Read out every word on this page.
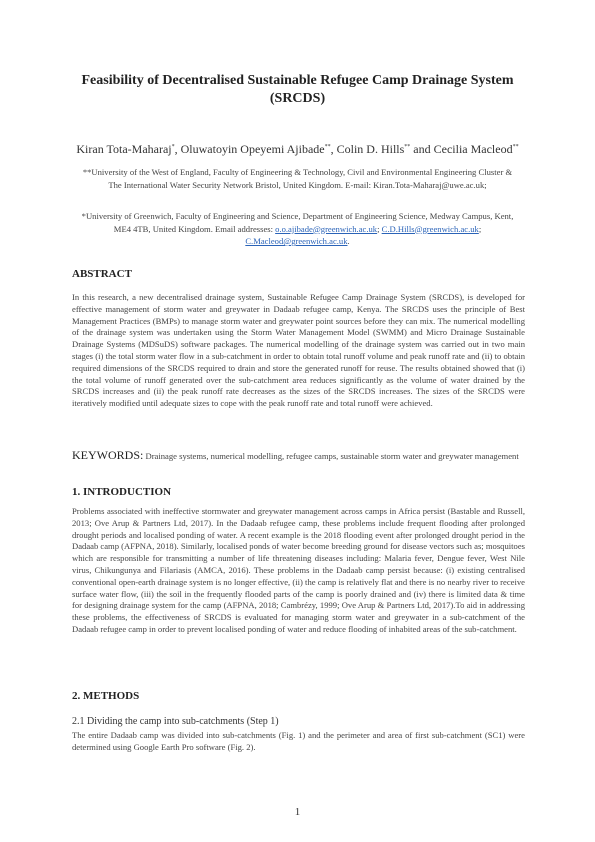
Feasibility of Decentralised Sustainable Refugee Camp Drainage System (SRCDS)
Kiran Tota-Maharaj*, Oluwatoyin Opeyemi Ajibade**, Colin D. Hills** and Cecilia Macleod**
**University of the West of England, Faculty of Engineering & Technology, Civil and Environmental Engineering Cluster & The International Water Security Network Bristol, United Kingdom. E-mail: Kiran.Tota-Maharaj@uwe.ac.uk;
*University of Greenwich, Faculty of Engineering and Science, Department of Engineering Science, Medway Campus, Kent, ME4 4TB, United Kingdom. Email addresses: o.o.ajibade@greenwich.ac.uk; C.D.Hills@greenwich.ac.uk; C.Macleod@greenwich.ac.uk.
ABSTRACT
In this research, a new decentralised drainage system, Sustainable Refugee Camp Drainage System (SRCDS), is developed for effective management of storm water and greywater in Dadaab refugee camp, Kenya. The SRCDS uses the principle of Best Management Practices (BMPs) to manage storm water and greywater point sources before they can mix. The numerical modelling of the drainage system was undertaken using the Storm Water Management Model (SWMM) and Micro Drainage Sustainable Drainage Systems (MDSuDS) software packages. The numerical modelling of the drainage system was carried out in two main stages (i) the total storm water flow in a sub-catchment in order to obtain total runoff volume and peak runoff rate and (ii) to obtain required dimensions of the SRCDS required to drain and store the generated runoff for reuse. The results obtained showed that (i) the total volume of runoff generated over the sub-catchment area reduces significantly as the volume of water drained by the SRCDS increases and (ii) the peak runoff rate decreases as the sizes of the SRCDS increases. The sizes of the SRCDS were iteratively modified until adequate sizes to cope with the peak runoff rate and total runoff were achieved.
KEYWORDS: Drainage systems, numerical modelling, refugee camps, sustainable storm water and greywater management
1. INTRODUCTION
Problems associated with ineffective stormwater and greywater management across camps in Africa persist (Bastable and Russell, 2013; Ove Arup & Partners Ltd, 2017). In the Dadaab refugee camp, these problems include frequent flooding after prolonged drought periods and localised ponding of water. A recent example is the 2018 flooding event after prolonged drought period in the Dadaab camp (AFPNA, 2018). Similarly, localised ponds of water become breeding ground for disease vectors such as; mosquitoes which are responsible for transmitting a number of life threatening diseases including: Malaria fever, Dengue fever, West Nile virus, Chikungunya and Filariasis (AMCA, 2016). These problems in the Dadaab camp persist because: (i) existing centralised conventional open-earth drainage system is no longer effective, (ii) the camp is relatively flat and there is no nearby river to receive surface water flow, (iii) the soil in the frequently flooded parts of the camp is poorly drained and (iv) there is limited data & time for designing drainage system for the camp (AFPNA, 2018; Cambrézy, 1999; Ove Arup & Partners Ltd, 2017).To aid in addressing these problems, the effectiveness of SRCDS is evaluated for managing storm water and greywater in a sub-catchment of the Dadaab refugee camp in order to prevent localised ponding of water and reduce flooding of inhabited areas of the sub-catchment.
2. METHODS
2.1 Dividing the camp into sub-catchments (Step 1)
The entire Dadaab camp was divided into sub-catchments (Fig. 1) and the perimeter and area of first sub-catchment (SC1) were determined using Google Earth Pro software (Fig. 2).
1
